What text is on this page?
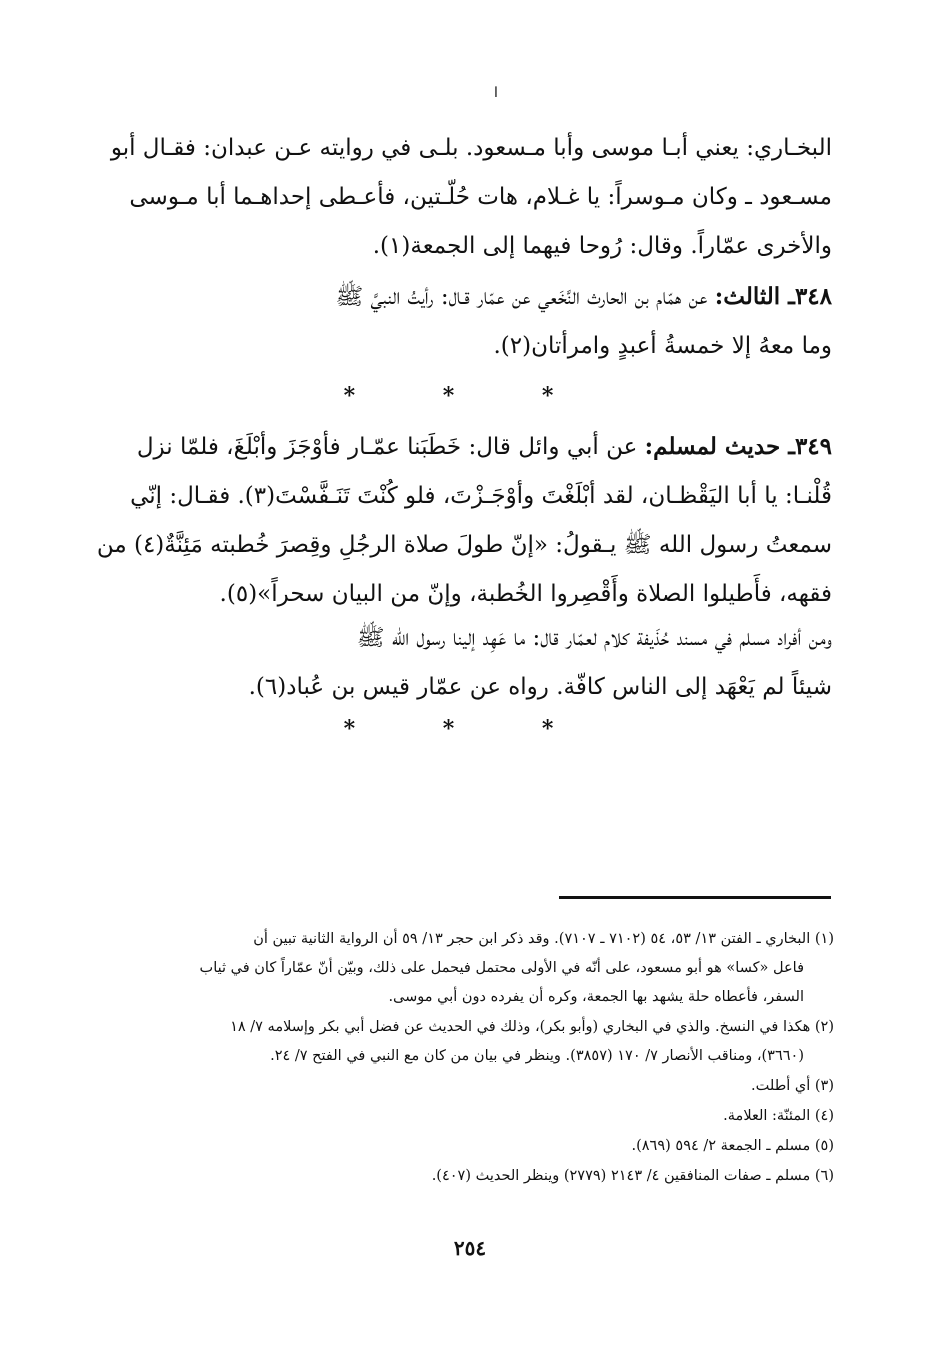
ا

البخـاري: يعني أبـا موسى وأبا مـسعود. بلـى في روايته عـن عبدان: فقـال أبو

مسـعود ـ وكان مـوسراً: يا غـلام، هات حُلّـتين، فأعـطى إحداهـما أبا مـوسى

والأخرى عمّاراً. وقال: رُوحا فيهما إلى الجمعة(١).

٣٤٨ـ الثالث: عن همّام بن الحارث النَّخَعي عن عمّار قـال: رأيتُ النبيَّ ﷺ

وما معهُ إلا خمسةُ أعبدٍ وامرأتان(٢).

* * *

٣٤٩ـ حديث لمسلم: عن أبي وائل قال: خَطَبَنا عمّـار فأوْجَزَ وأبْلَغَ، فلمّا نزل

قُلْنـا: يا أبا اليَقْظـان، لقد أبْلَغْتَ وأوْجَـزْتَ، فلو كُنْتَ تَنَـفَّسْتَ(٣). فقـال: إنّي

سمعتُ رسول الله ﷺ يـقولُ: «إنّ طولَ صلاة الرجُلِ وقِصرَ خُطبته مَئِنَّةٌ(٤) من

فقهه، فأَطيلوا الصلاة وأَقْصِروا الخُطبة، وإنّ من البيان سحراً»(٥).

ومن أفراد مسلم في مسند حُذَيفة كلام لعمّار قال: ما عَهِد إلينا رسول الله ﷺ

شيئاً لم يَعْهَد إلى الناس كافّة. رواه عن عمّار قيس بن عُباد(٦).

* * *
(١) البخاري ـ الفتن ١٣/ ٥٣، ٥٤ (٧١٠٢ ـ ٧١٠٧). وقد ذكر ابن حجر ١٣/ ٥٩ أن الرواية الثانية تبين أن
فاعل «كسا» هو أبو مسعود، على أنّه في الأولى محتمل فيحمل على ذلك، وبيّن أنّ عمّاراً كان في ثياب
السفر، فأعطاه حلة يشهد بها الجمعة، وكره أن يفرده دون أبي موسى.
(٢) هكذا في النسخ. والذي في البخاري (وأبو بكر)، وذلك في الحديث عن فضل أبي بكر وإسلامه ٧/ ١٨
(٣٦٦٠)، ومناقب الأنصار ٧/ ١٧٠ (٣٨٥٧). وينظر في بيان من كان مع النبي في الفتح ٧/ ٢٤.
(٣) أي أطلت.
(٤) المئنّة: العلامة.
(٥) مسلم ـ الجمعة ٢/ ٥٩٤ (٨٦٩).
(٦) مسلم ـ صفات المنافقين ٤/ ٢١٤٣ (٢٧٧٩) وينظر الحديث (٤٠٧).
٢٥٤
